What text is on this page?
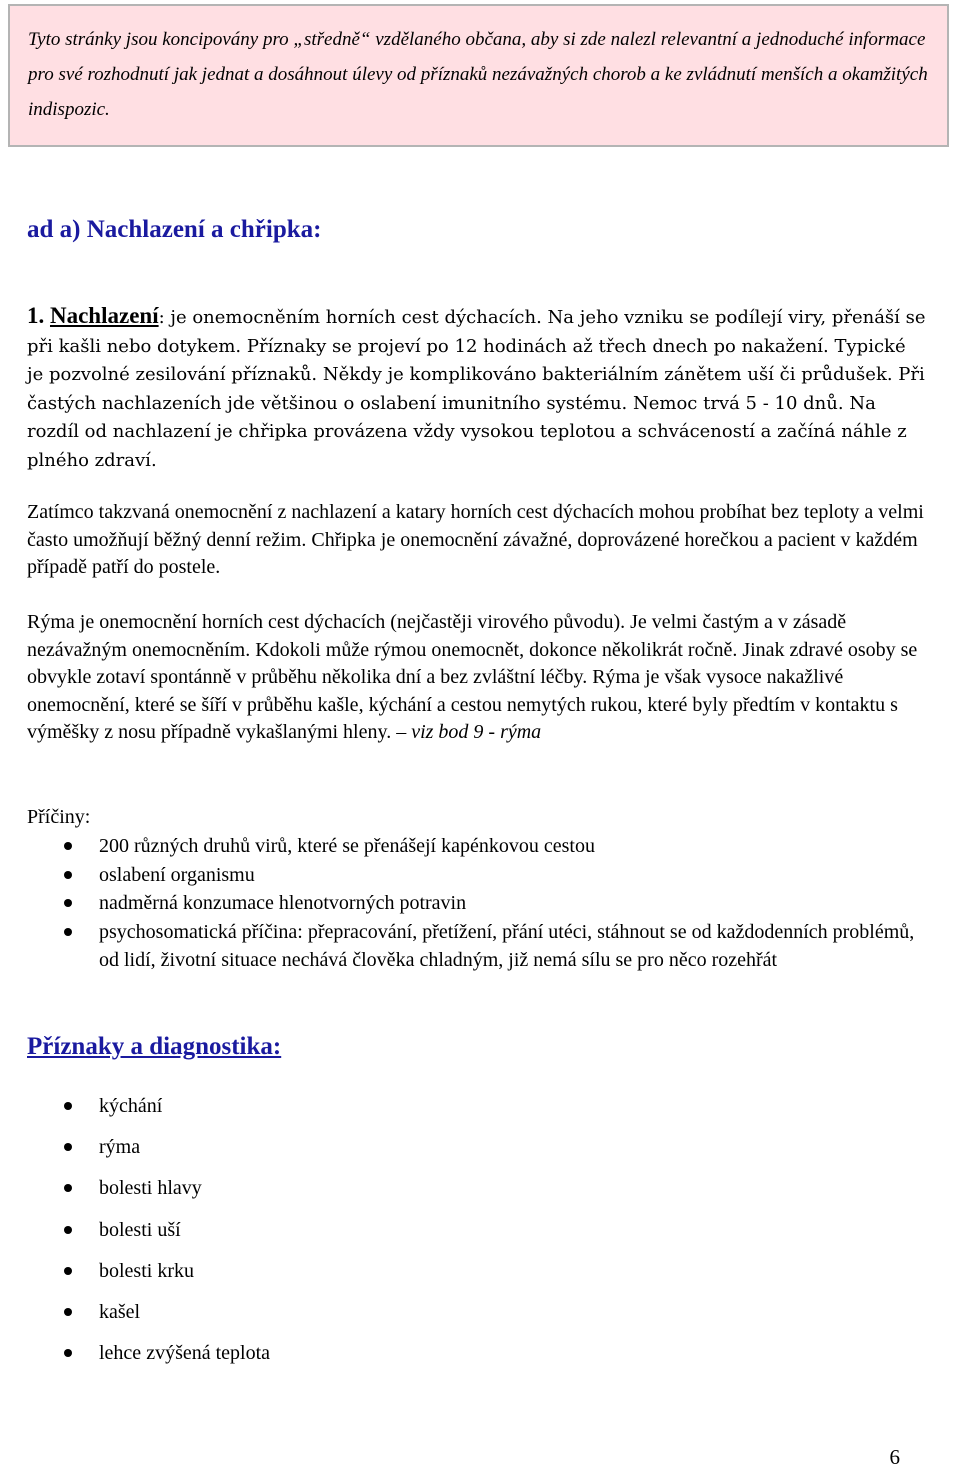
Tyto stránky jsou koncipovány pro „středně“ vzdělaného občana, aby si zde nalezl relevantní a jednoduché informace pro své rozhodnutí jak jednat a dosáhnout úlevy od příznaků nezávažných chorob a ke zvládnutí menších a okamžitých indispozic.
ad a) Nachlazení a chřipka:
1. Nachlazení: je onemocněním horních cest dýchacích. Na jeho vzniku se podílejí viry, přenáší se při kašli nebo dotykem. Příznaky se projeví po 12 hodinách až třech dnech po nakažení. Typické je pozvolné zesilování příznaků. Někdy je komplikováno bakteriálním zánětem uší či průdušek. Při častých nachlazeních jde většinou o oslabení imunitního systému. Nemoc trvá 5 - 10 dnů. Na rozdíl od nachlazení je chřipka provázena vždy vysokou teplotou a schváceností a začíná náhle z plného zdraví.
Zatímco takzvaná onemocnění z nachlazení a katary horních cest dýchacích mohou probíhat bez teploty a velmi často umožňují běžný denní režim. Chřipka je onemocnění závažné, doprovázené horečkou a pacient v každém případě patří do postele.
Rýma je onemocnění horních cest dýchacích (nejčastěji virového původu). Je velmi častým a v zásadě nezávažným onemocněním. Kdokoli může rýmou onemocnět, dokonce několikrát ročně. Jinak zdravé osoby se obvykle zotaví spontánně v průběhu několika dní a bez zvláštní léčby. Rýma je však vysoce nakažlivé onemocnění, které se šíří v průběhu kašle, kýchání a cestou nemytých rukou, které byly předtím v kontaktu s výměšky z nosu případně vykašlanými hleny. – viz bod 9 - rýma
Příčiny:
200 různých druhů virů, které se přenášejí kapénkovou cestou
oslabení organismu
nadměrná konzumace hlenotvorných potravin
psychosomatická příčina: přepracování, přetížení, přání utéci, stáhnout se od každodenních problémů, od lidí, životní situace nechává člověka chladným, již nemá sílu se pro něco rozehřát
Příznaky a diagnostika:
kýchání
rýma
bolesti hlavy
bolesti uší
bolesti krku
kašel
lehce zvýšená teplota
6
